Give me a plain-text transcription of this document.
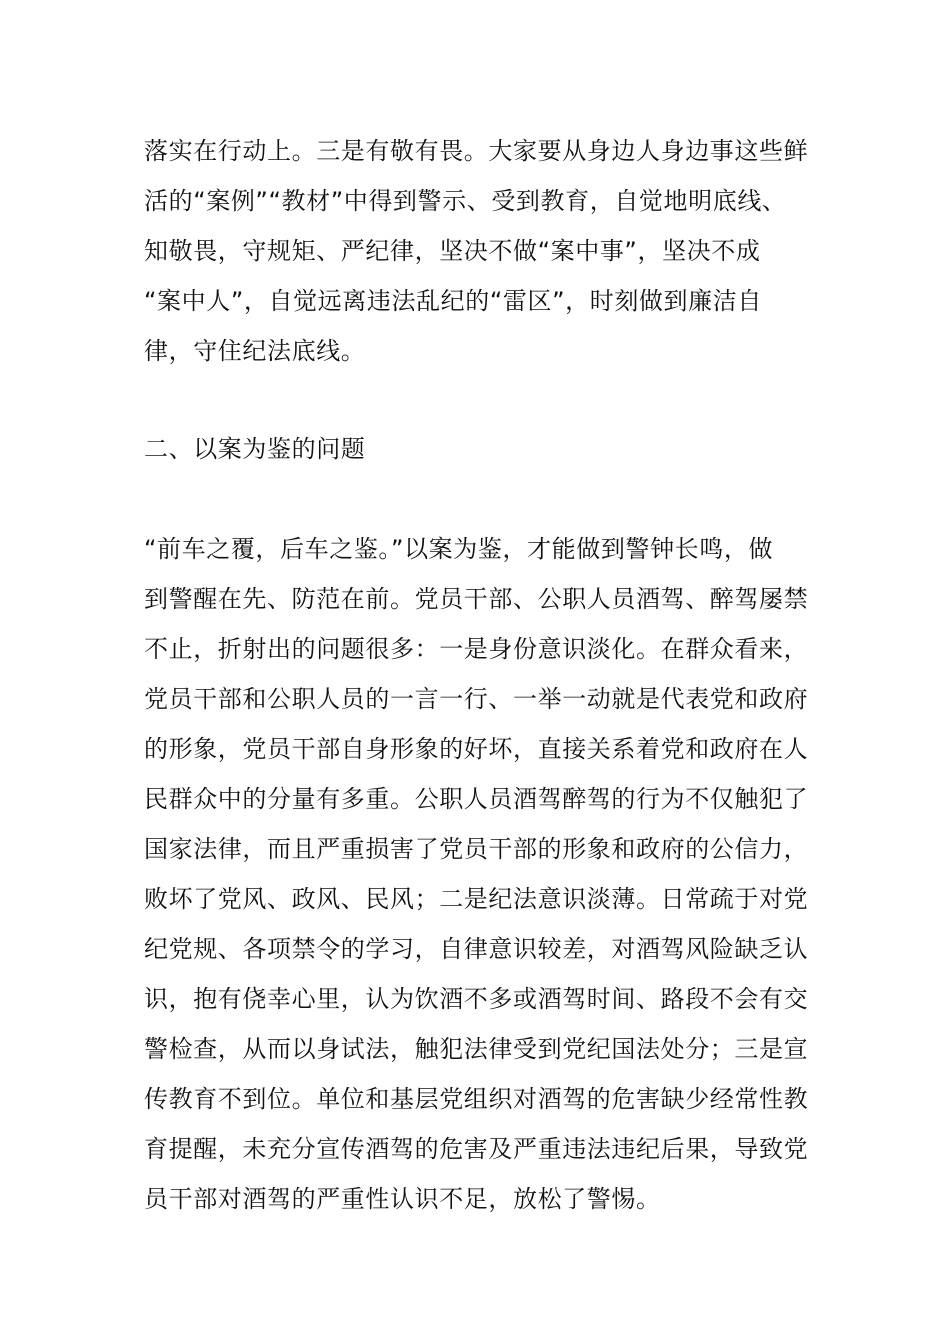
落实在行动上。三是有敬有畏。大家要从身边人身边事这些鲜
活的“案例”“教材”中得到警示、受到教育，自觉地明底线、
知敬畏，守规矩、严纪律，坚决不做“案中事”，坚决不成
“案中人”，自觉远离违法乱纪的“雷区”，时刻做到廉洁自
律，守住纪法底线。
二、以案为鉴的问题
“前车之覆，后车之鉴。”以案为鉴，才能做到警钟长鸣，做
到警醒在先、防范在前。党员干部、公职人员酒驾、醉驾屡禁
不止，折射出的问题很多：一是身份意识淡化。在群众看来，
党员干部和公职人员的一言一行、一举一动就是代表党和政府
的形象，党员干部自身形象的好坏，直接关系着党和政府在人
民群众中的分量有多重。公职人员酒驾醉驾的行为不仅触犯了
国家法律，而且严重损害了党员干部的形象和政府的公信力，
败坏了党风、政风、民风；二是纪法意识淡薄。日常疏于对党
纪党规、各项禁令的学习，自律意识较差，对酒驾风险缺乏认
识，抱有侥幸心里，认为饮酒不多或酒驾时间、路段不会有交
警检查，从而以身试法，触犯法律受到党纪国法处分；三是宣
传教育不到位。单位和基层党组织对酒驾的危害缺少经常性教
育提醒，未充分宣传酒驾的危害及严重违法违纪后果，导致党
员干部对酒驾的严重性认识不足，放松了警惕。
